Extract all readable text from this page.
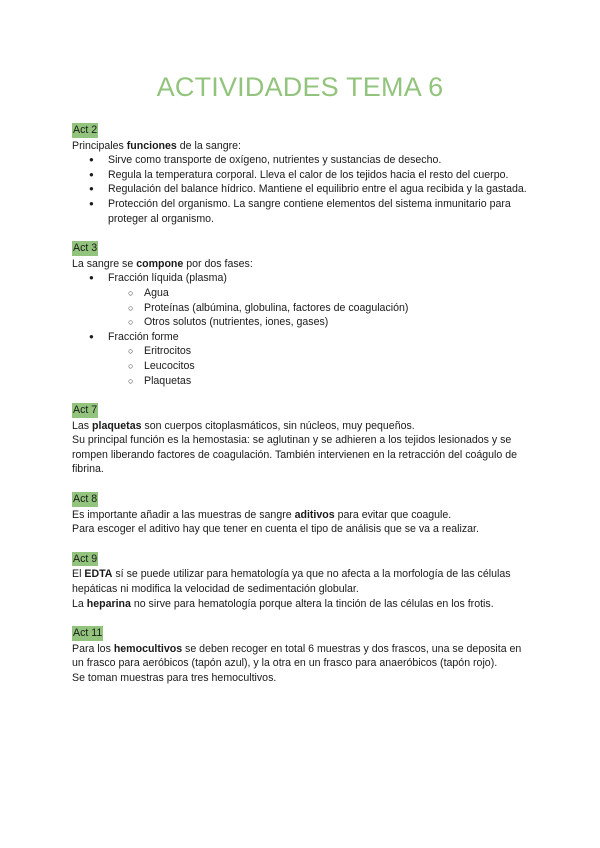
ACTIVIDADES TEMA 6
Act 2

Principales funciones de la sangre:

● Sirve como transporte de oxígeno, nutrientes y sustancias de desecho.
● Regula la temperatura corporal. Lleva el calor de los tejidos hacia el resto del cuerpo.
● Regulación del balance hídrico. Mantiene el equilibrio entre el agua recibida y la gastada.
● Protección del organismo. La sangre contiene elementos del sistema inmunitario para proteger al organismo.
Act 3

La sangre se compone por dos fases:

● Fracción líquida (plasma)
○ Agua
○ Proteínas (albúmina, globulina, factores de coagulación)
○ Otros solutos (nutrientes, iones, gases)
● Fracción forme
○ Eritrocitos
○ Leucocitos
○ Plaquetas
Act 7

Las plaquetas son cuerpos citoplasmáticos, sin núcleos, muy pequeños.

Su principal función es la hemostasia: se aglutinan y se adhieren a los tejidos lesionados y se rompen liberando factores de coagulación. También intervienen en la retracción del coágulo de fibrina.

Act 8

Es importante añadir a las muestras de sangre aditivos para evitar que coagule.

Para escoger el aditivo hay que tener en cuenta el tipo de análisis que se va a realizar.

Act 9

El EDTA sí se puede utilizar para hematología ya que no afecta a la morfología de las células hepáticas ni modifica la velocidad de sedimentación globular.

La heparina no sirve para hematología porque altera la tinción de las células en los frotis.

Act 11

Para los hemocultivos se deben recoger en total 6 muestras y dos frascos, una se deposita en un frasco para aeróbicos (tapón azul), y la otra en un frasco para anaeróbicos (tapón rojo).

Se toman muestras para tres hemocultivos.
